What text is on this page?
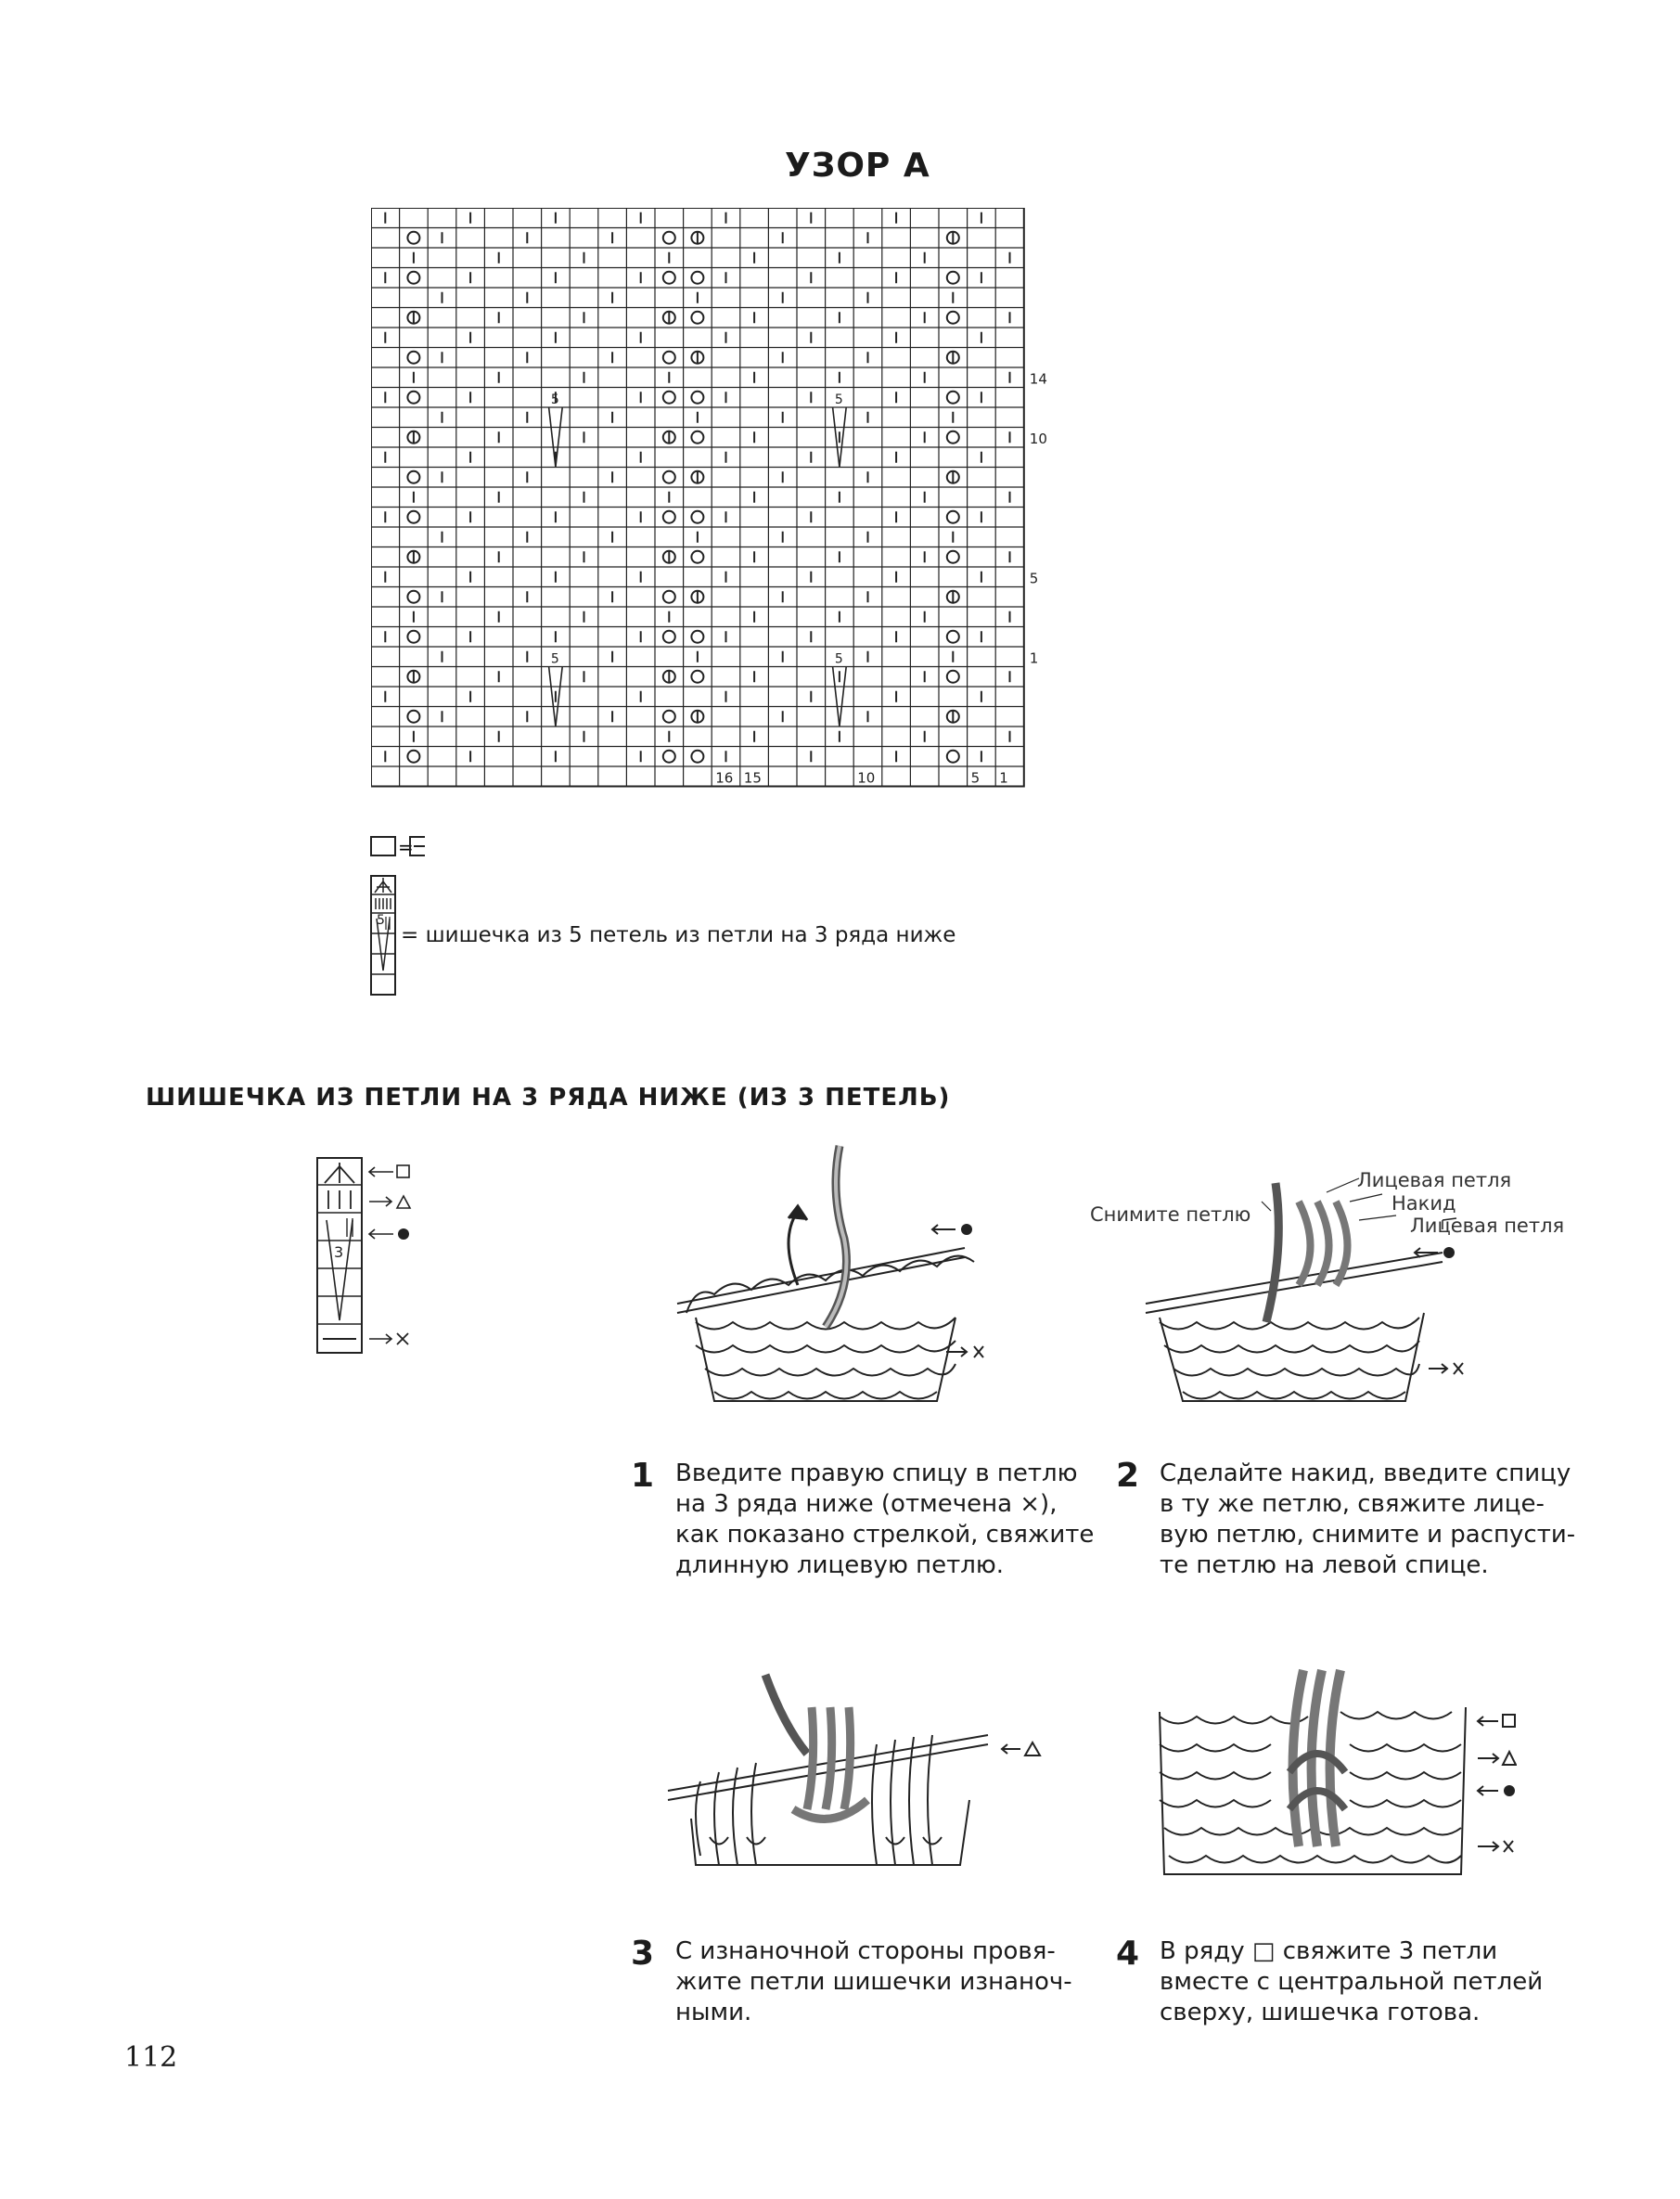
УЗОР А
5	5
5	5
14
10
5
1
16 15	10	5 1
=
5
= шишечка из 5 петель из петли на 3 ряда ниже
ШИШЕЧКА ИЗ ПЕТЛИ НА 3 РЯДА НИЖЕ (ИЗ 3 ПЕТЕЛЬ)
3
Снимите петлю
Лицевая петля
Накид
Лицевая петля
1 Введите правую спицу в петлю
на 3 ряда ниже (отмечена ×),
как показано стрелкой, свяжите
длинную лицевую петлю.
2 Сделайте накид, введите спицу
в ту же петлю, свяжите лице-
вую петлю, снимите и распусти-
те петлю на левой спице.
3 С изнаночной стороны провя-
жите петли шишечки изнаноч-
ными.
4 В ряду □ свяжите 3 петли
вместе с центральной петлей
сверху, шишечка готова.
112
